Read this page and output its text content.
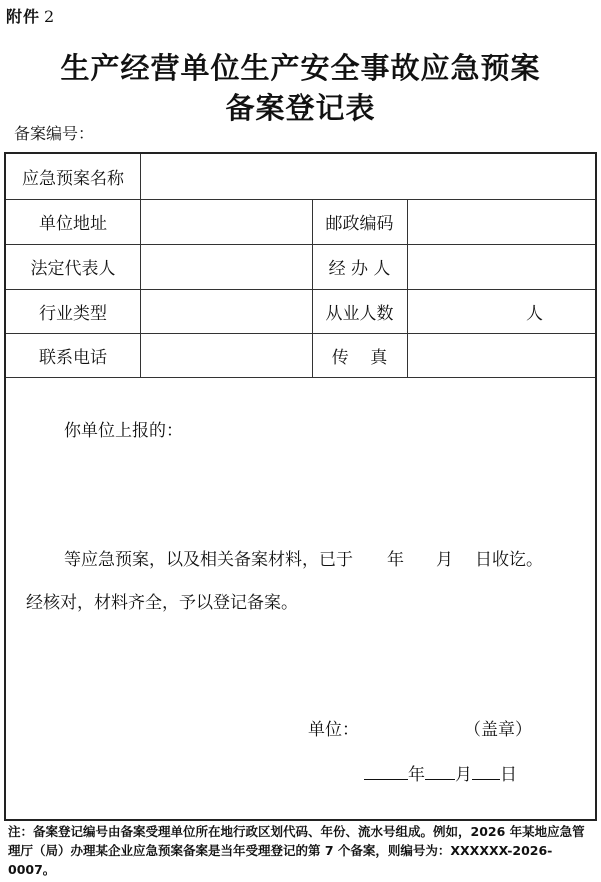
附件 2
生产经营单位生产安全事故应急预案
备案登记表
备案编号：
应急预案名称
单位地址	邮政编码
法定代表人	经 办 人
行业类型	从业人数	人
联系电话	传    真
你单位上报的：
等应急预案，以及相关备案材料，已于 年 月 日收讫。
经核对，材料齐全，予以登记备案。
单位：	（盖章）
年 月 日
注：备案登记编号由备案受理单位所在地行政区划代码、年份、流水号组成。例如，2026 年某地应急管理厅（局）办理某企业应急预案备案是当年受理登记的第 7 个备案，则编号为：XXXXXX-2026-0007。
